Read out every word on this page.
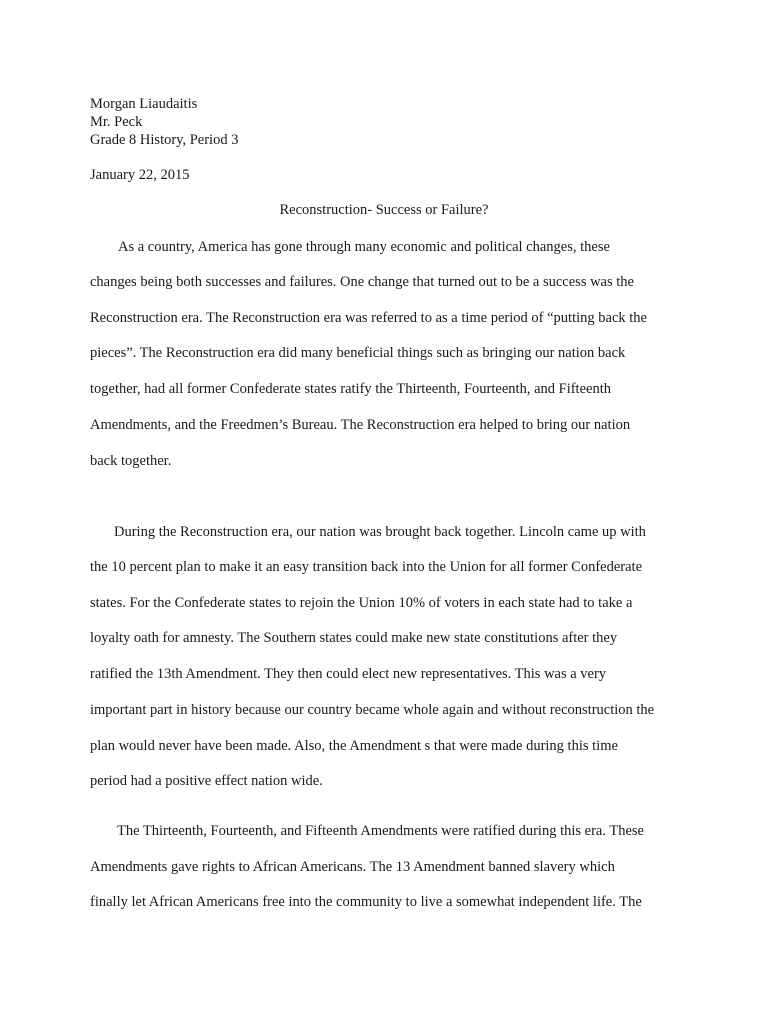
Morgan Liaudaitis
Mr. Peck
Grade 8 History, Period 3
January 22, 2015
Reconstruction- Success or Failure?
As a country, America has gone through many economic and political changes, these
changes being both successes and failures. One change that turned out to be a success was the
Reconstruction era. The Reconstruction era was referred to as a time period of “putting back the
pieces”. The Reconstruction era did many beneficial things such as bringing our nation back
together, had all former Confederate states ratify the Thirteenth, Fourteenth, and Fifteenth
Amendments, and the Freedmen’s Bureau. The Reconstruction era helped to bring our nation
back together.
During the Reconstruction era, our nation was brought back together. Lincoln came up with
the 10 percent plan to make it an easy transition back into the Union for all former Confederate
states. For the Confederate states to rejoin the Union 10% of voters in each state had to take a
loyalty oath for amnesty. The Southern states could make new state constitutions after they
ratified the 13th Amendment. They then could elect new representatives. This was a very
important part in history because our country became whole again and without reconstruction the
plan would never have been made. Also, the Amendment s that were made during this time
period had a positive effect nation wide.
The Thirteenth, Fourteenth, and Fifteenth Amendments were ratified during this era. These
Amendments gave rights to African Americans. The 13 Amendment banned slavery which
finally let African Americans free into the community to live a somewhat independent life. The
